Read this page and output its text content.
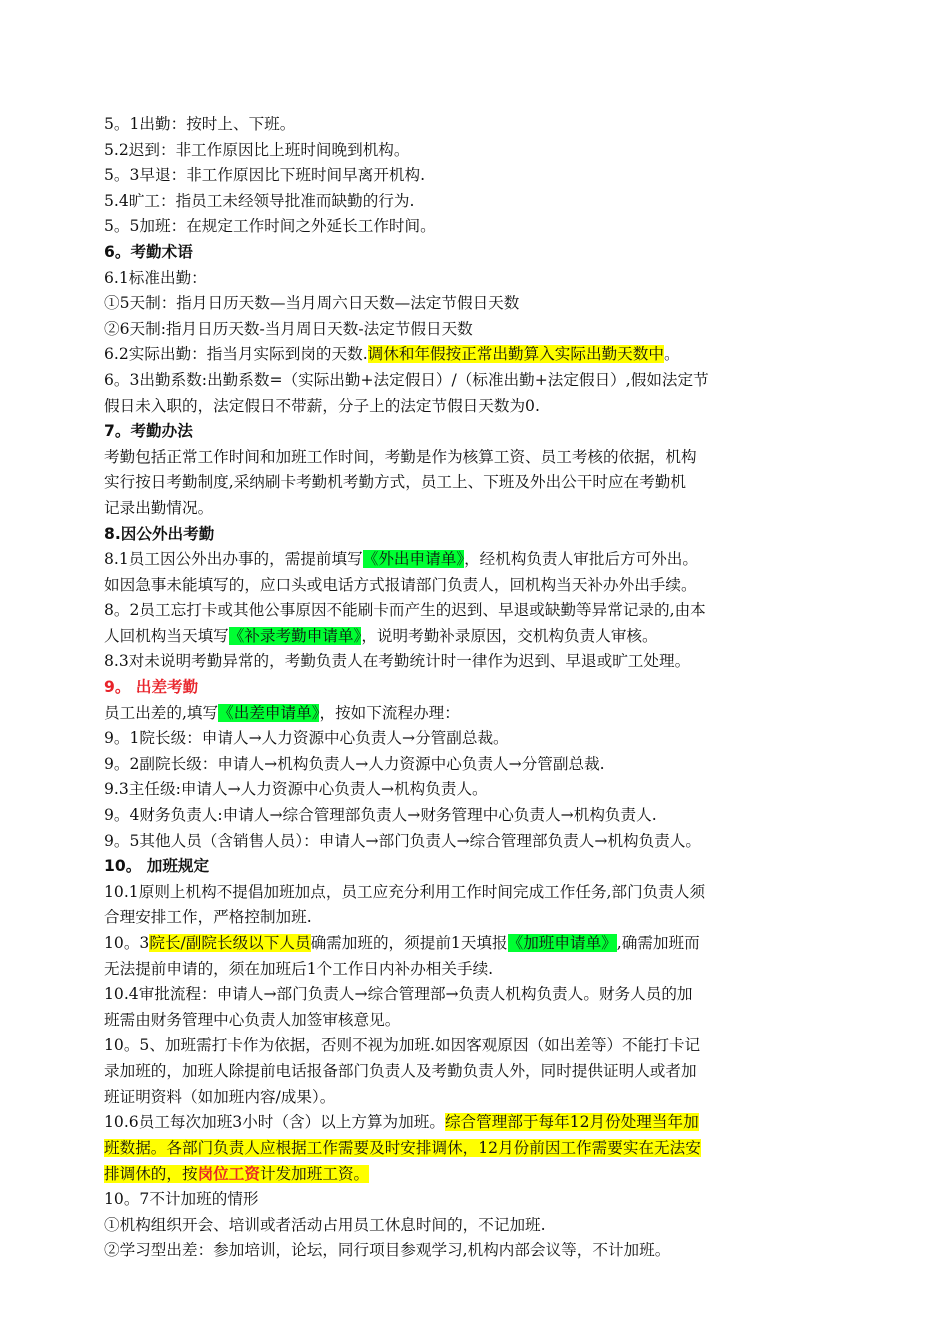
5。1出勤：按时上、下班。
5.2迟到：非工作原因比上班时间晚到机构。
5。3早退：非工作原因比下班时间早离开机构.
5.4旷工：指员工未经领导批准而缺勤的行为.
5。5加班：在规定工作时间之外延长工作时间。
6。考勤术语
6.1标准出勤：
①5天制：指月日历天数—当月周六日天数—法定节假日天数
②6天制:指月日历天数-当月周日天数-法定节假日天数
6.2实际出勤：指当月实际到岗的天数.调休和年假按正常出勤算入实际出勤天数中。
6。3出勤系数:出勤系数=（实际出勤+法定假日）/（标准出勤+法定假日）,假如法定节
假日未入职的，法定假日不带薪，分子上的法定节假日天数为0.
7。考勤办法
考勤包括正常工作时间和加班工作时间，考勤是作为核算工资、员工考核的依据，机构
实行按日考勤制度,采纳刷卡考勤机考勤方式，员工上、下班及外出公干时应在考勤机
记录出勤情况。
8.因公外出考勤
8.1员工因公外出办事的，需提前填写《外出申请单》，经机构负责人审批后方可外出。
如因急事未能填写的，应口头或电话方式报请部门负责人，回机构当天补办外出手续。
8。2员工忘打卡或其他公事原因不能刷卡而产生的迟到、早退或缺勤等异常记录的,由本
人回机构当天填写《补录考勤申请单》，说明考勤补录原因，交机构负责人审核。
8.3对未说明考勤异常的，考勤负责人在考勤统计时一律作为迟到、早退或旷工处理。
9。 出差考勤
员工出差的,填写《出差申请单》，按如下流程办理：
9。1院长级：申请人→人力资源中心负责人→分管副总裁。
9。2副院长级：申请人→机构负责人→人力资源中心负责人→分管副总裁.
9.3主任级:申请人→人力资源中心负责人→机构负责人。
9。4财务负责人:申请人→综合管理部负责人→财务管理中心负责人→机构负责人.
9。5其他人员（含销售人员）：申请人→部门负责人→综合管理部负责人→机构负责人。
10。 加班规定
10.1原则上机构不提倡加班加点，员工应充分利用工作时间完成工作任务,部门负责人须
合理安排工作，严格控制加班.
10。3院长/副院长级以下人员确需加班的，须提前1天填报《加班申请单》,确需加班而
无法提前申请的，须在加班后1个工作日内补办相关手续.
10.4审批流程：申请人→部门负责人→综合管理部→负责人机构负责人。财务人员的加
班需由财务管理中心负责人加签审核意见。
10。5、加班需打卡作为依据，否则不视为加班.如因客观原因（如出差等）不能打卡记
录加班的，加班人除提前电话报备部门负责人及考勤负责人外，同时提供证明人或者加
班证明资料（如加班内容/成果）。
10.6员工每次加班3小时（含）以上方算为加班。综合管理部于每年12月份处理当年加
班数据。各部门负责人应根据工作需要及时安排调休，12月份前因工作需要实在无法安
排调休的，按岗位工资计发加班工资。
10。7不计加班的情形
①机构组织开会、培训或者活动占用员工休息时间的，不记加班.
②学习型出差：参加培训，论坛，同行项目参观学习,机构内部会议等，不计加班。
